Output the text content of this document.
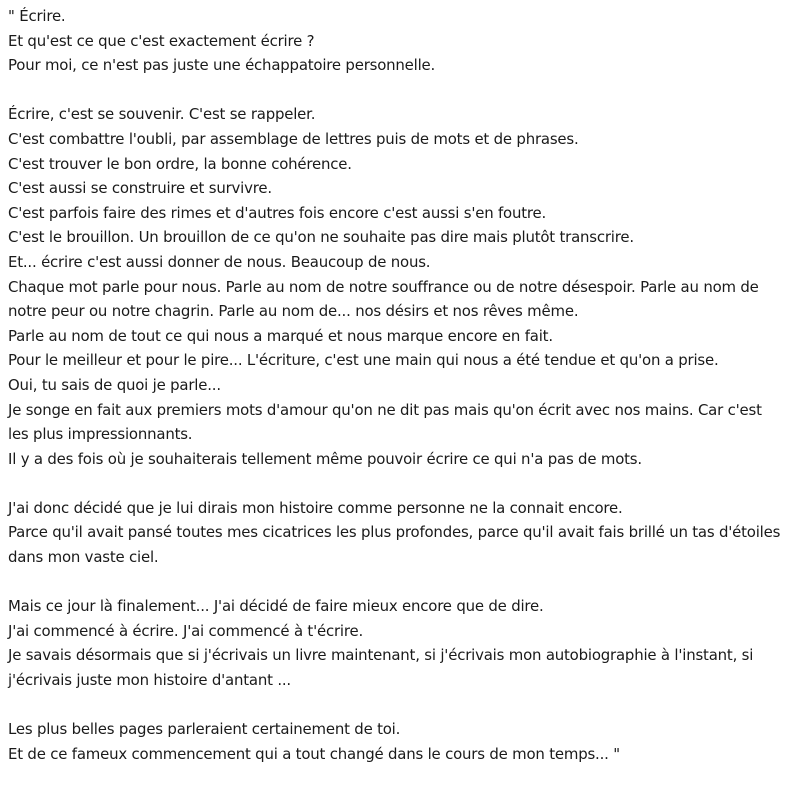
" Écrire.
Et qu'est ce que c'est exactement écrire ?
Pour moi, ce n'est pas juste une échappatoire personnelle.
Écrire, c'est se souvenir. C'est se rappeler.
C'est combattre l'oubli, par assemblage de lettres puis de mots et de phrases.
C'est trouver le bon ordre, la bonne cohérence.
C'est aussi se construire et survivre.
C'est parfois faire des rimes et d'autres fois encore c'est aussi s'en foutre.
C'est le brouillon. Un brouillon de ce qu'on ne souhaite pas dire mais plutôt transcrire.
Et... écrire c'est aussi donner de nous. Beaucoup de nous.
Chaque mot parle pour nous. Parle au nom de notre souffrance ou de notre désespoir. Parle au nom de
notre peur ou notre chagrin. Parle au nom de... nos désirs et nos rêves même.
Parle au nom de tout ce qui nous a marqué et nous marque encore en fait.
Pour le meilleur et pour le pire... L'écriture, c'est une main qui nous a été tendue et qu'on a prise.
Oui, tu sais de quoi je parle...
Je songe en fait aux premiers mots d'amour qu'on ne dit pas mais qu'on écrit avec nos mains. Car c'est
les plus impressionnants.
Il y a des fois où je souhaiterais tellement même pouvoir écrire ce qui n'a pas de mots.
J'ai donc décidé que je lui dirais mon histoire comme personne ne la connait encore.
Parce qu'il avait pansé toutes mes cicatrices les plus profondes, parce qu'il avait fais brillé un tas d'étoiles
dans mon vaste ciel.
Mais ce jour là finalement... J'ai décidé de faire mieux encore que de dire.
J'ai commencé à écrire. J'ai commencé à t'écrire.
Je savais désormais que si j'écrivais un livre maintenant, si j'écrivais mon autobiographie à l'instant, si
j'écrivais juste mon histoire d'antant ...
Les plus belles pages parleraient certainement de toi.
Et de ce fameux commencement qui a tout changé dans le cours de mon temps... "
